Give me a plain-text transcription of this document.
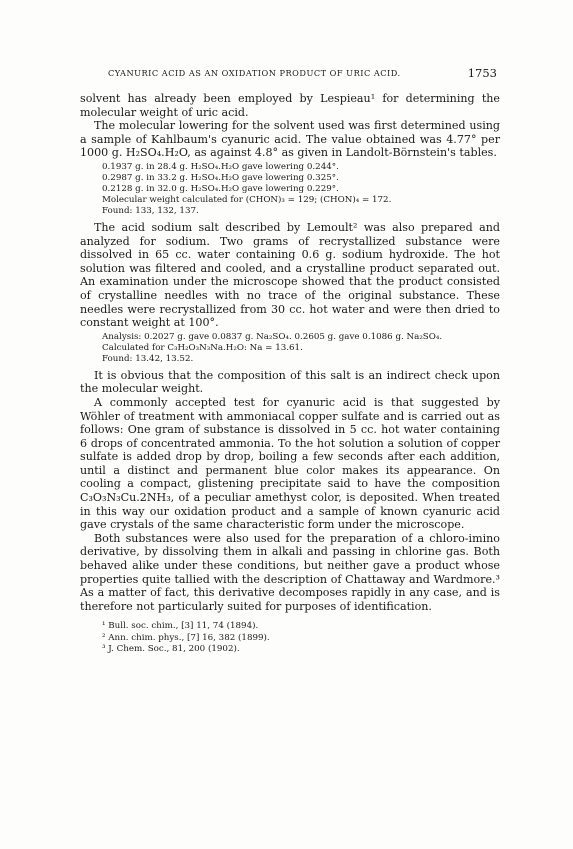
CYANURIC ACID AS AN OXIDATION PRODUCT OF URIC ACID.	1753

solvent has already been employed by Lespieau¹ for determining the molecular weight of uric acid.

The molecular lowering for the solvent used was first determined using a sample of Kahlbaum's cyanuric acid. The value obtained was 4.77° per 1000 g. H₂SO₄.H₂O, as against 4.8° as given in Landolt-Börnstein's tables.

0.1937 g. in 28.4 g. H₂SO₄.H₂O gave lowering 0.244°.
0.2987 g. in 33.2 g. H₂SO₄.H₂O gave lowering 0.325°.
0.2128 g. in 32.0 g. H₂SO₄.H₂O gave lowering 0.229°.
Molecular weight calculated for (CHON)₃ = 129; (CHON)₄ = 172.
Found: 133, 132, 137.

The acid sodium salt described by Lemoult² was also prepared and analyzed for sodium. Two grams of recrystallized substance were dissolved in 65 cc. water containing 0.6 g. sodium hydroxide. The hot solution was filtered and cooled, and a crystalline product separated out. An examination under the microscope showed that the product consisted of crystalline needles with no trace of the original substance. These needles were recrystallized from 30 cc. hot water and were then dried to constant weight at 100°.

Analysis: 0.2027 g. gave 0.0837 g. Na₂SO₄. 0.2605 g. gave 0.1086 g. Na₂SO₄.
Calculated for C₃H₂O₃N₃Na.H₂O: Na = 13.61.
Found: 13.42, 13.52.

It is obvious that the composition of this salt is an indirect check upon the molecular weight.

A commonly accepted test for cyanuric acid is that suggested by Wöhler of treatment with ammoniacal copper sulfate and is carried out as follows: One gram of substance is dissolved in 5 cc. hot water containing 6 drops of concentrated ammonia. To the hot solution a solution of copper sulfate is added drop by drop, boiling a few seconds after each addition, until a distinct and permanent blue color makes its appearance. On cooling a compact, glistening precipitate said to have the composition C₃O₃N₃Cu.2NH₃, of a peculiar amethyst color, is deposited. When treated in this way our oxidation product and a sample of known cyanuric acid gave crystals of the same characteristic form under the microscope.

Both substances were also used for the preparation of a chloro-imino derivative, by dissolving them in alkali and passing in chlorine gas. Both behaved alike under these conditions, but neither gave a product whose properties quite tallied with the description of Chattaway and Wardmore.³ As a matter of fact, this derivative decomposes rapidly in any case, and is therefore not particularly suited for purposes of identification.

¹ Bull. soc. chim., [3] 11, 74 (1894).
² Ann. chim. phys., [7] 16, 382 (1899).
³ J. Chem. Soc., 81, 200 (1902).
